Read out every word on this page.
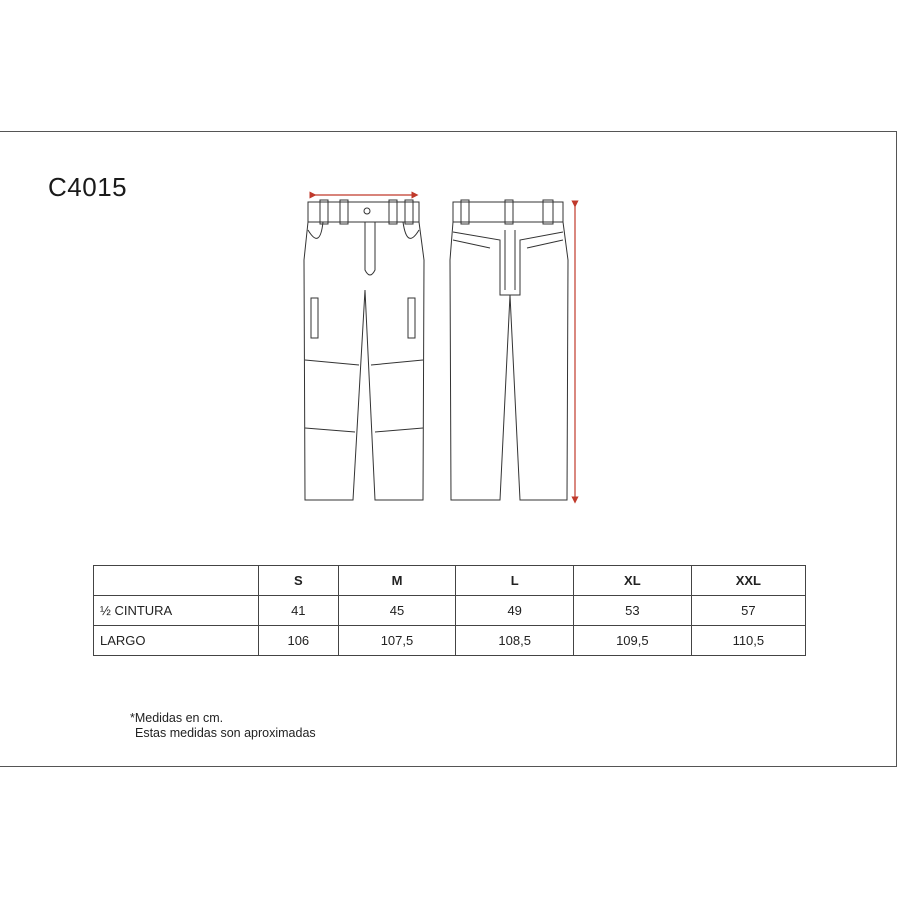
C4015
	S	M	L	XL	XXL
½ CINTURA	41	45	49	53	57
LARGO	106	107,5	108,5	109,5	110,5
*Medidas en cm.
Estas medidas son aproximadas
